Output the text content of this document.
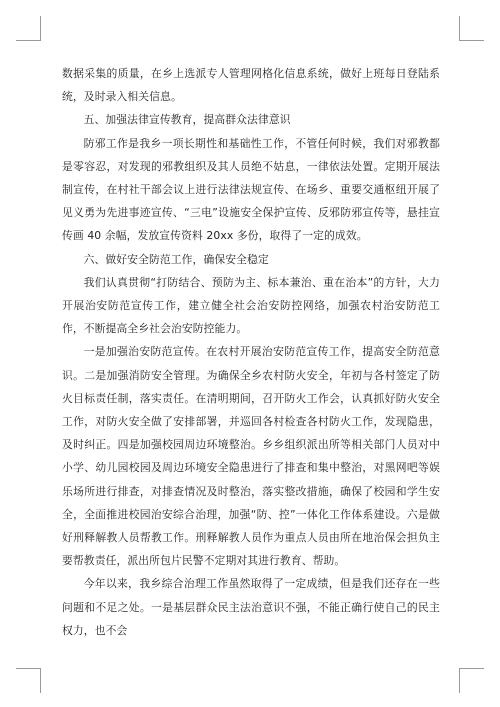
数据采集的质量，在乡上选派专人管理网格化信息系统，做好上班每日登陆系统，及时录入相关信息。

五、加强法律宣传教育，提高群众法律意识

防邪工作是我乡一项长期性和基础性工作，不管任何时候，我们对邪教都是零容忍，对发现的邪教组织及其人员绝不姑息，一律依法处置。定期开展法制宣传，在村社干部会议上进行法律法规宣传、在场乡、重要交通枢纽开展了见义勇为先进事迹宣传、“三电”设施安全保护宣传、反邪防邪宣传等，悬挂宣传画 40 余幅，发放宣传资料 20xx 多份，取得了一定的成效。

六、做好安全防范工作，确保安全稳定

我们认真贯彻“打防结合、预防为主、标本兼治、重在治本”的方针，大力开展治安防范宣传工作，建立健全社会治安防控网络，加强农村治安防范工作，不断提高全乡社会治安防控能力。

一是加强治安防范宣传。在农村开展治安防范宣传工作，提高安全防范意识。二是加强消防安全管理。为确保全乡农村防火安全，年初与各村签定了防火目标责任制，落实责任。在清明期间，召开防火工作会，认真抓好防火安全工作，对防火安全做了安排部署，并巡回各村检查各村防火工作，发现隐患，及时纠正。四是加强校园周边环境整治。乡乡组织派出所等相关部门人员对中小学、幼儿园校园及周边环境安全隐患进行了排查和集中整治，对黑网吧等娱乐场所进行排查，对排查情况及时整治，落实整改措施，确保了校园和学生安全，全面推进校园治安综合治理，加强“防、控”一体化工作体系建设。六是做好刑释解教人员帮教工作。刑释解教人员作为重点人员由所在地治保会担负主要帮教责任，派出所包片民警不定期对其进行教育、帮助。

今年以来，我乡综合治理工作虽然取得了一定成绩，但是我们还存在一些问题和不足之处。一是基层群众民主法治意识不强，不能正确行使自己的民主权力，也不会
